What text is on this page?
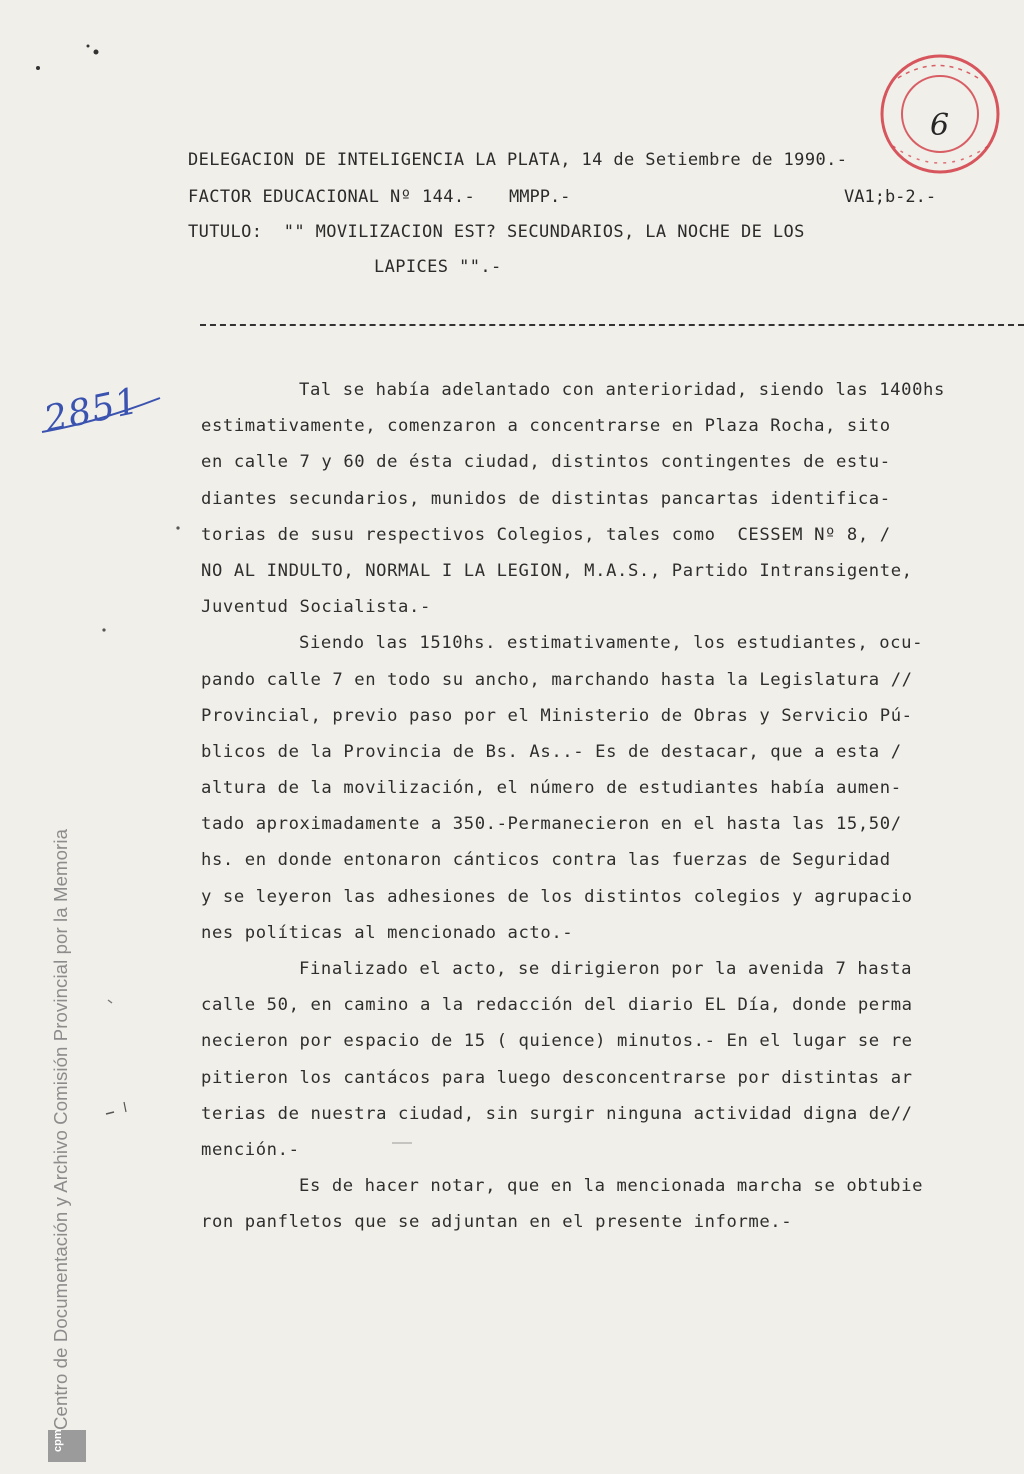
6
DELEGACION DE INTELIGENCIA LA PLATA, 14 de Setiembre de 1990.-
FACTOR EDUCACIONAL Nº 144.- MMPP.-	VA1;b-2.-
TUTULO:  "" MOVILIZACION EST? SECUNDARIOS, LA NOCHE DE LOS
LAPICES "".-
2851	Tal se había adelantado con anterioridad, siendo las 1400hs
estimativamente, comenzaron a concentrarse en Plaza Rocha, sito
en calle 7 y 60 de ésta ciudad, distintos contingentes de estu-
diantes secundarios, munidos de distintas pancartas identifica-
torias de susu respectivos Colegios, tales como  CESSEM Nº 8, /
NO AL INDULTO, NORMAL I LA LEGION, M.A.S., Partido Intransigente,
Juventud Socialista.-
Siendo las 1510hs. estimativamente, los estudiantes, ocu-
pando calle 7 en todo su ancho, marchando hasta la Legislatura //
Provincial, previo paso por el Ministerio de Obras y Servicio Pú-
blicos de la Provincia de Bs. As..- Es de destacar, que a esta /
altura de la movilización, el número de estudiantes había aumen-
tado aproximadamente a 350.-Permanecieron en el hasta las 15,50/
hs. en donde entonaron cánticos contra las fuerzas de Seguridad
y se leyeron las adhesiones de los distintos colegios y agrupacio
nes políticas al mencionado acto.-
Finalizado el acto, se dirigieron por la avenida 7 hasta
calle 50, en camino a la redacción del diario EL Día, donde perma
necieron por espacio de 15 ( quience) minutos.- En el lugar se re
pitieron los cantácos para luego desconcentrarse por distintas ar
terias de nuestra ciudad, sin surgir ninguna actividad digna de//
mención.-
Es de hacer notar, que en la mencionada marcha se obtubie
ron panfletos que se adjuntan en el presente informe.-
Centro de Documentación y Archivo Comisión Provincial por la Memoria
cpm
